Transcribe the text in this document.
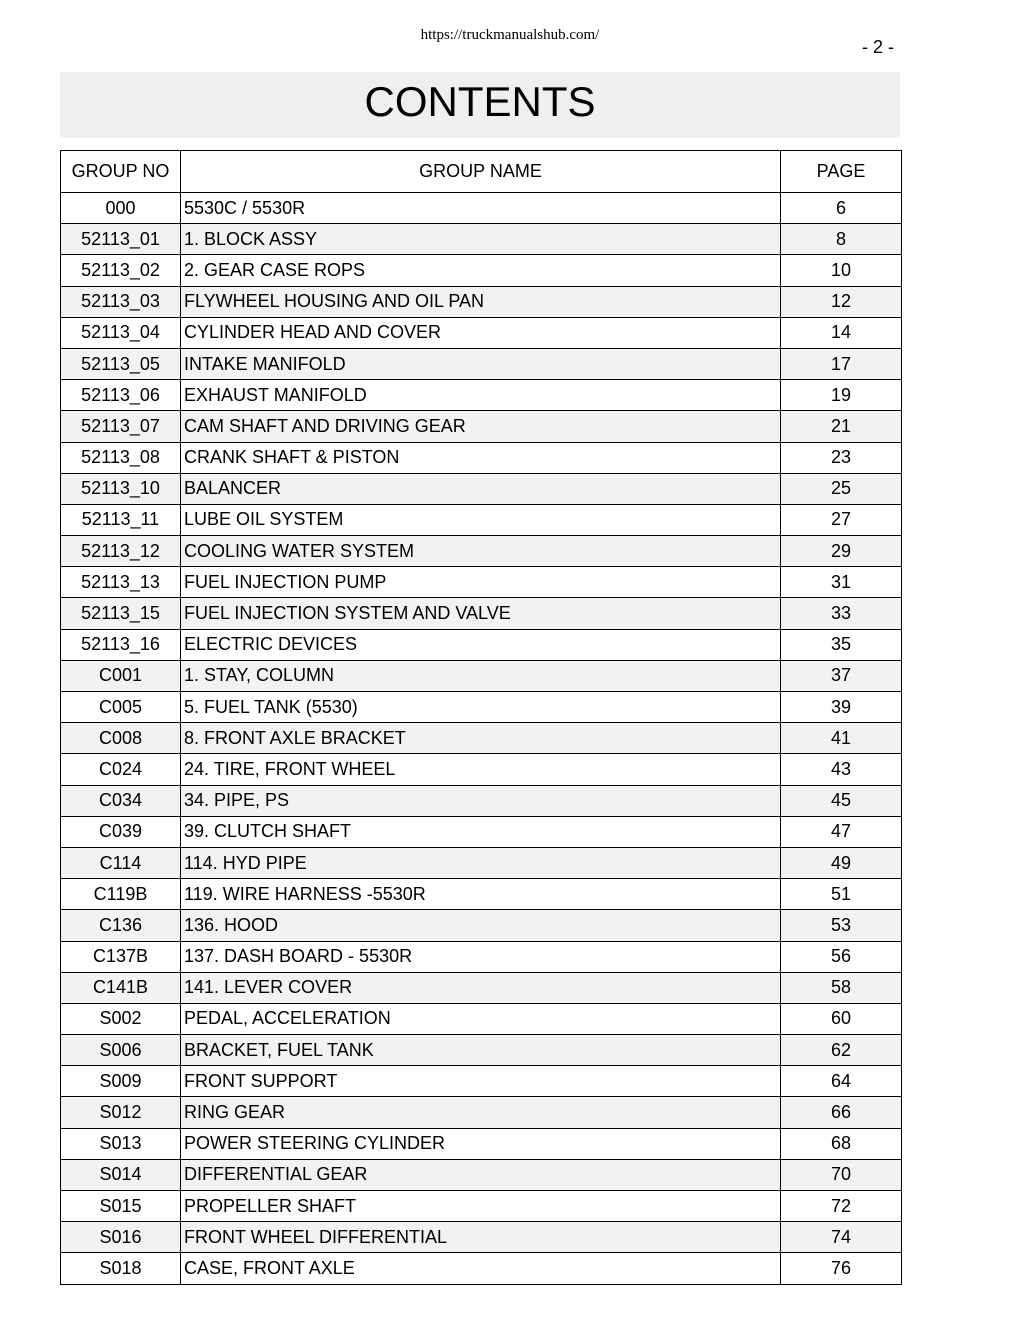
https://truckmanualshub.com/
- 2 -
CONTENTS
GROUP NO	GROUP NAME	PAGE
000	5530C / 5530R	6
52113_01	1. BLOCK ASSY	8
52113_02	2. GEAR CASE ROPS	10
52113_03	FLYWHEEL HOUSING AND OIL PAN	12
52113_04	CYLINDER HEAD AND COVER	14
52113_05	INTAKE MANIFOLD	17
52113_06	EXHAUST MANIFOLD	19
52113_07	CAM SHAFT AND DRIVING GEAR	21
52113_08	CRANK SHAFT & PISTON	23
52113_10	BALANCER	25
52113_11	LUBE OIL SYSTEM	27
52113_12	COOLING WATER SYSTEM	29
52113_13	FUEL INJECTION PUMP	31
52113_15	FUEL INJECTION SYSTEM AND VALVE	33
52113_16	ELECTRIC DEVICES	35
C001	1. STAY, COLUMN	37
C005	5. FUEL TANK (5530)	39
C008	8. FRONT AXLE BRACKET	41
C024	24. TIRE, FRONT WHEEL	43
C034	34. PIPE, PS	45
C039	39. CLUTCH SHAFT	47
C114	114. HYD PIPE	49
C119B	119. WIRE HARNESS -5530R	51
C136	136. HOOD	53
C137B	137. DASH BOARD - 5530R	56
C141B	141. LEVER COVER	58
S002	PEDAL, ACCELERATION	60
S006	BRACKET, FUEL TANK	62
S009	FRONT SUPPORT	64
S012	RING GEAR	66
S013	POWER STEERING CYLINDER	68
S014	DIFFERENTIAL GEAR	70
S015	PROPELLER SHAFT	72
S016	FRONT WHEEL DIFFERENTIAL	74
S018	CASE, FRONT AXLE	76
